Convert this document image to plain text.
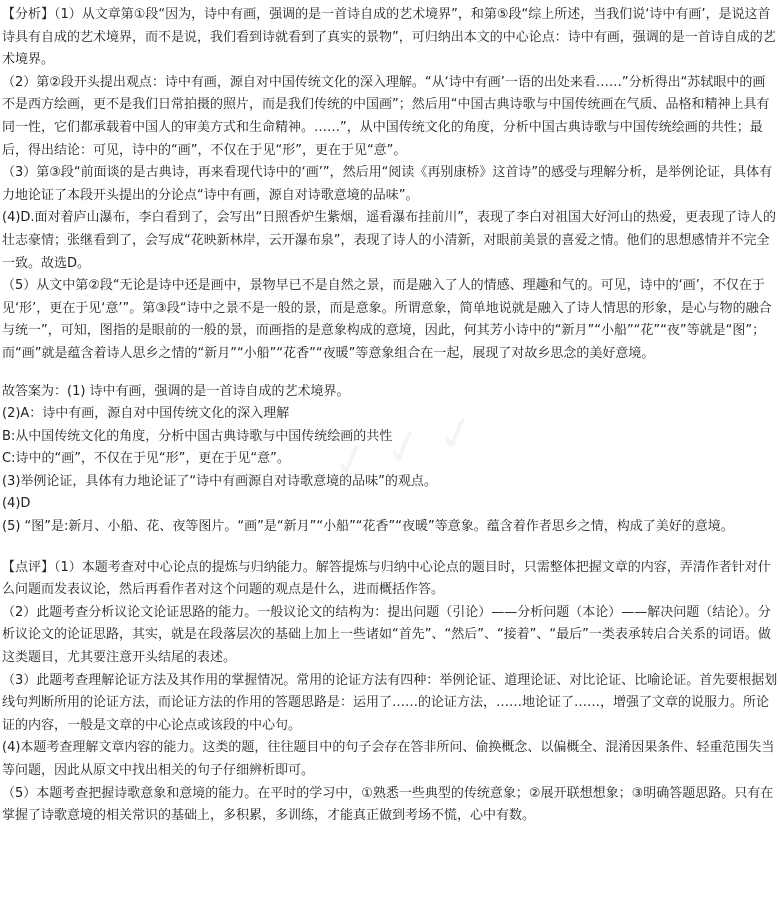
【分析】（1）从文章第①段“因为，诗中有画，强调的是一首诗自成的艺术境界”，和第⑤段“综上所述，当我们说‘诗中有画’，是说这首诗具有自成的艺术境界，而不是说，我们看到诗就看到了真实的景物”，可归纳出本文的中心论点：诗中有画，强调的是一首诗自成的艺术境界。

（2）第②段开头提出观点：诗中有画，源自对中国传统文化的深入理解。“从‘诗中有画’一语的出处来看……”分析得出“苏轼眼中的画不是西方绘画，更不是我们日常拍摄的照片，而是我们传统的中国画”；然后用“中国古典诗歌与中国传统画在气质、品格和精神上具有同一性，它们都承载着中国人的审美方式和生命精神。……”，从中国传统文化的角度，分析中国古典诗歌与中国传统绘画的共性；最后，得出结论：可见，诗中的“画”，不仅在于见“形”，更在于见“意”。

（3）第③段“前面谈的是古典诗，再来看现代诗中的‘画’”，然后用“阅读《再别康桥》这首诗”的感受与理解分析，是举例论证，具体有力地论证了本段开头提出的分论点“诗中有画，源自对诗歌意境的品味”。

(4)D.面对着庐山瀑布，李白看到了，会写出“日照香炉生紫烟，遥看瀑布挂前川”，表现了李白对祖国大好河山的热爱，更表现了诗人的壮志豪情；张继看到了，会写成“花映新林岸，云开瀑布泉”，表现了诗人的小清新，对眼前美景的喜爱之情。他们的思想感情并不完全一致。故选D。

（5）从文中第②段“无论是诗中还是画中，景物早已不是自然之景，而是融入了人的情感、理趣和气的。可见，诗中的‘画’，不仅在于见‘形’，更在于见‘意’”。第③段“诗中之景不是一般的景，而是意象。所谓意象，简单地说就是融入了诗人情思的形象，是心与物的融合与统一”，可知，图指的是眼前的一般的景，而画指的是意象构成的意境，因此，何其芳小诗中的“新月”“小船”“花”“夜”等就是“图”；而“画”就是蕴含着诗人思乡之情的“新月”“小船”“花香”“夜暖”等意象组合在一起，展现了对故乡思念的美好意境。

故答案为：(1) 诗中有画，强调的是一首诗自成的艺术境界。

(2)A：诗中有画，源自对中国传统文化的深入理解

B:从中国传统文化的角度，分析中国古典诗歌与中国传统绘画的共性

C:诗中的“画”，不仅在于见“形”，更在于见“意”。

(3)举例论证，具体有力地论证了“诗中有画源自对诗歌意境的品味”的观点。

(4)D

(5) “图”是:新月、小船、花、夜等图片。“画”是“新月”“小船”“花香”“夜暖”等意象。蕴含着作者思乡之情，构成了美好的意境。

【点评】（1）本题考查对中心论点的提炼与归纳能力。解答提炼与归纳中心论点的题目时，只需整体把握文章的内容，弄清作者针对什么问题而发表议论，然后再看作者对这个问题的观点是什么，进而概括作答。

（2）此题考查分析议论文论证思路的能力。一般议论文的结构为：提出问题（引论）——分析问题（本论）——解决问题（结论）。分析议论文的论证思路，其实，就是在段落层次的基础上加上一些诸如“首先”、“然后”、“接着”、“最后”一类表承转启合关系的词语。做这类题目，尤其要注意开头结尾的表述。

（3）此题考查理解论证方法及其作用的掌握情况。常用的论证方法有四种：举例论证、道理论证、对比论证、比喻论证。首先要根据划线句判断所用的论证方法，而论证方法的作用的答题思路是：运用了……的论证方法，……地论证了……，增强了文章的说服力。所论证的内容，一般是文章的中心论点或该段的中心句。

(4)本题考查理解文章内容的能力。这类的题，往往题目中的句子会存在答非所问、偷换概念、以偏概全、混淆因果条件、轻重范围失当等问题，因此从原文中找出相关的句子仔细辨析即可。

（5）本题考查把握诗歌意象和意境的能力。在平时的学习中，①熟悉一些典型的传统意象；②展开联想想象；③明确答题思路。只有在掌握了诗歌意境的相关常识的基础上，多积累，多训练，才能真正做到考场不慌，心中有数。
